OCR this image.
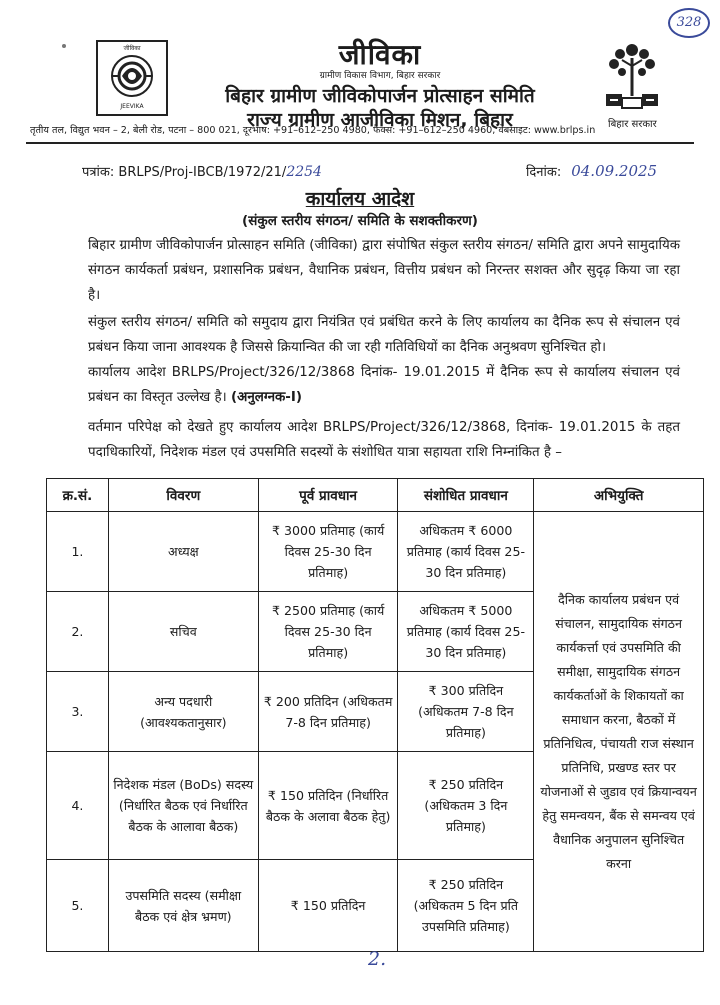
328
जीविका
JEEVIKA
जीविका
ग्रामीण विकास विभाग, बिहार सरकार
बिहार ग्रामीण जीविकोपार्जन प्रोत्साहन समिति
राज्य ग्रामीण आजीविका मिशन, बिहार	बिहार सरकार
तृतीय तल, विद्युत भवन – 2, बेली रोड, पटना – 800 021, दूरभाष: +91–612–250 4980, फैक्स: +91–612–250 4960, वेबसाइट: www.brlps.in
पत्रांक: BRLPS/Proj-IBCB/1972/21/2254	दिनांक: 04.09.2025
कार्यालय आदेश
(संकुल स्तरीय संगठन/ समिति के सशक्तीकरण)
बिहार ग्रामीण जीविकोपार्जन प्रोत्साहन समिति (जीविका) द्वारा संपोषित संकुल स्तरीय संगठन/ समिति द्वारा अपने सामुदायिक संगठन कार्यकर्ता प्रबंधन, प्रशासनिक प्रबंधन, वैधानिक प्रबंधन, वित्तीय प्रबंधन को निरन्तर सशक्त और सुदृढ़ किया जा रहा है।
संकुल स्तरीय संगठन/ समिति को समुदाय द्वारा नियंत्रित एवं प्रबंधित करने के लिए कार्यालय का दैनिक रूप से संचालन एवं प्रबंधन किया जाना आवश्यक है जिससे क्रियान्वित की जा रही गतिविधियों का दैनिक अनुश्रवण सुनिश्चित हो।
कार्यालय आदेश BRLPS/Project/326/12/3868 दिनांक- 19.01.2015 में दैनिक रूप से कार्यालय संचालन एवं प्रबंधन का विस्तृत उल्लेख है। (अनुलग्नक-I)
वर्तमान परिपेक्ष को देखते हुए कार्यालय आदेश BRLPS/Project/326/12/3868, दिनांक- 19.01.2015 के तहत पदाधिकारियों, निदेशक मंडल एवं उपसमिति सदस्यों के संशोधित यात्रा सहायता राशि निम्नांकित है –
क्र.सं.	विवरण	पूर्व प्रावधान	संशोधित प्रावधान	अभियुक्ति
1.	अध्यक्ष	₹ 3000 प्रतिमाह (कार्य दिवस 25-30 दिन प्रतिमाह)	अधिकतम ₹ 6000 प्रतिमाह (कार्य दिवस 25-30 दिन प्रतिमाह)	दैनिक कार्यालय प्रबंधन एवं संचालन, सामुदायिक संगठन कार्यकर्त्ता एवं उपसमिति की समीक्षा, सामुदायिक संगठन कार्यकर्ताओं के शिकायतों का समाधान करना, बैठकों में प्रतिनिधित्व, पंचायती राज संस्थान प्रतिनिधि, प्रखण्ड स्तर पर योजनाओं से जुडाव एवं क्रियान्वयन हेतु समन्वयन, बैंक से समन्वय एवं वैधानिक अनुपालन सुनिश्चित करना
2.	सचिव	₹ 2500 प्रतिमाह (कार्य दिवस 25-30 दिन प्रतिमाह)	अधिकतम ₹ 5000 प्रतिमाह (कार्य दिवस 25-30 दिन प्रतिमाह)	
3.	अन्य पदधारी (आवश्यकतानुसार)	₹ 200 प्रतिदिन (अधिकतम 7-8 दिन प्रतिमाह)	₹ 300 प्रतिदिन (अधिकतम 7-8 दिन प्रतिमाह)	
4.	निदेशक मंडल (BoDs) सदस्य (निर्धारित बैठक एवं निर्धारित बैठक के आलावा बैठक)	₹ 150 प्रतिदिन (निर्धारित बैठक के अलावा बैठक हेतु)	₹ 250 प्रतिदिन (अधिकतम 3 दिन प्रतिमाह)	
5.	उपसमिति सदस्य (समीक्षा बैठक एवं क्षेत्र भ्रमण)	₹ 150 प्रतिदिन	₹ 250 प्रतिदिन (अधिकतम 5 दिन प्रति उपसमिति प्रतिमाह)	
2.
